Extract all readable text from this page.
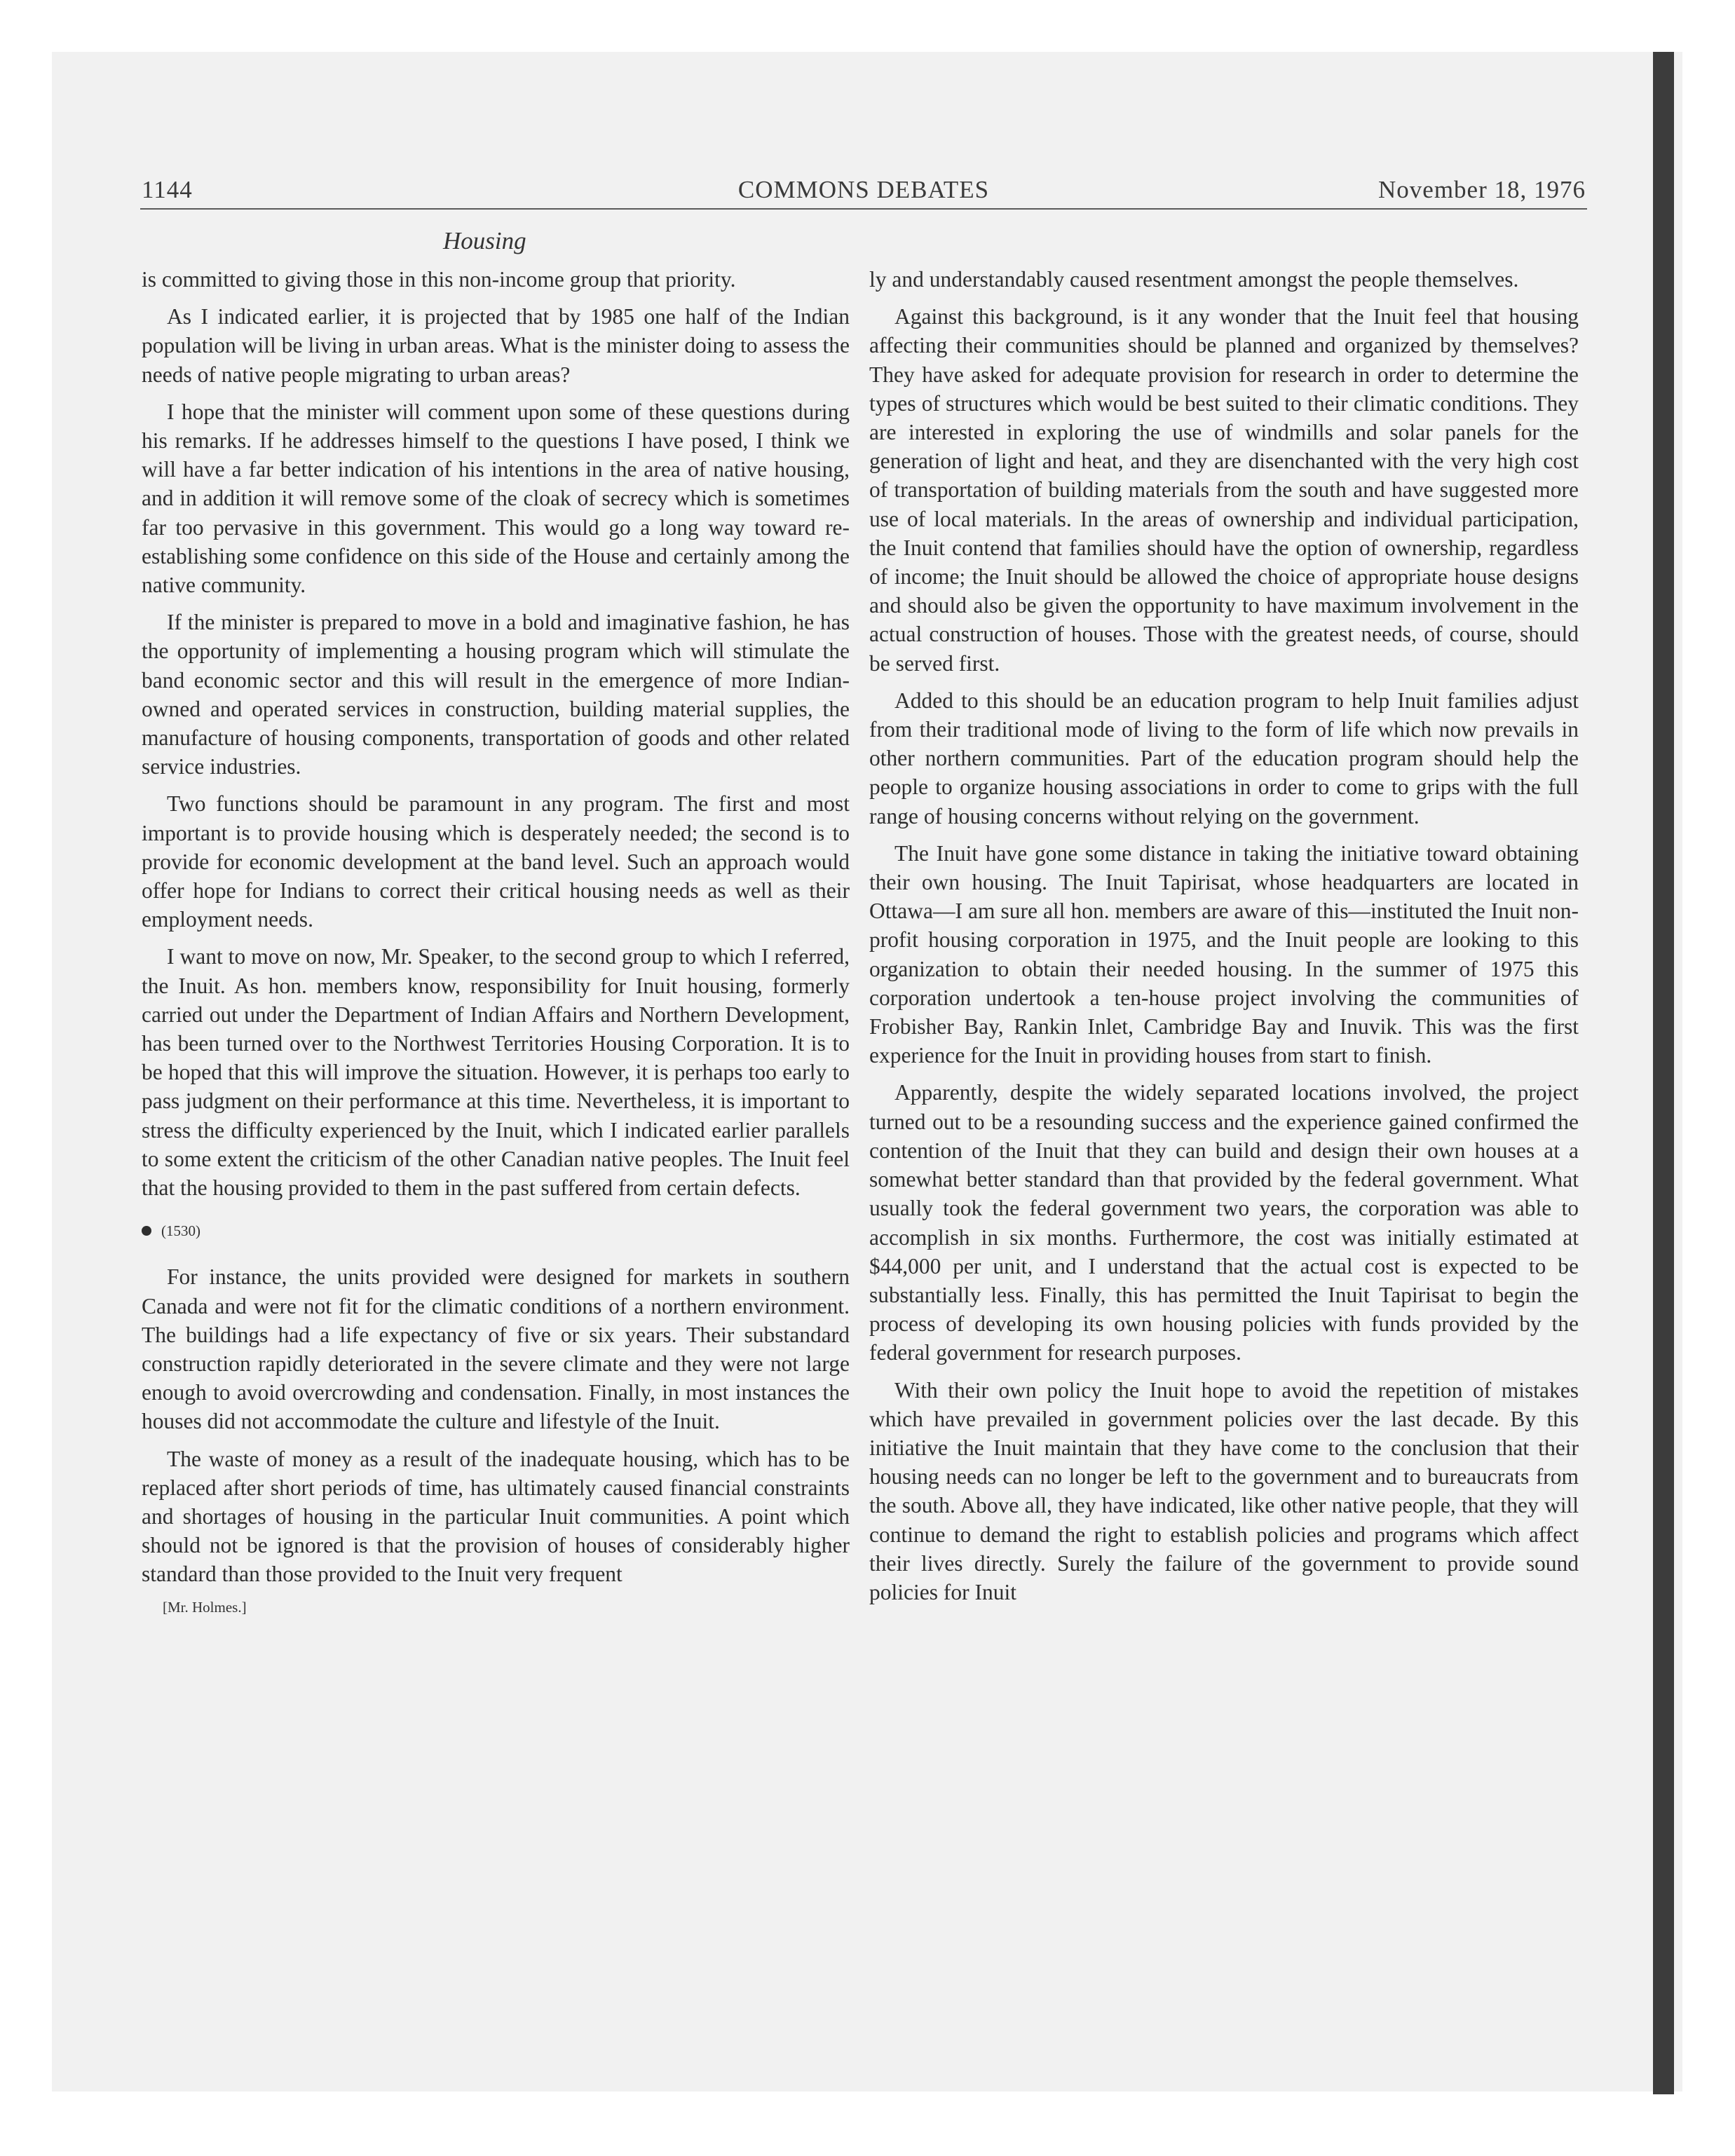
1144	COMMONS DEBATES	November 18, 1976
Housing

is committed to giving those in this non-income group that priority.

As I indicated earlier, it is projected that by 1985 one half of the Indian population will be living in urban areas. What is the minister doing to assess the needs of native people migrating to urban areas?

I hope that the minister will comment upon some of these questions during his remarks. If he addresses himself to the questions I have posed, I think we will have a far better indication of his intentions in the area of native housing, and in addition it will remove some of the cloak of secrecy which is sometimes far too pervasive in this government. This would go a long way toward re-establishing some confidence on this side of the House and certainly among the native community.

If the minister is prepared to move in a bold and imaginative fashion, he has the opportunity of implementing a housing program which will stimulate the band economic sector and this will result in the emergence of more Indian-owned and operated services in construction, building material supplies, the manufacture of housing components, transportation of goods and other related service industries.

Two functions should be paramount in any program. The first and most important is to provide housing which is desperately needed; the second is to provide for economic development at the band level. Such an approach would offer hope for Indians to correct their critical housing needs as well as their employment needs.

I want to move on now, Mr. Speaker, to the second group to which I referred, the Inuit. As hon. members know, responsibility for Inuit housing, formerly carried out under the Department of Indian Affairs and Northern Development, has been turned over to the Northwest Territories Housing Corporation. It is to be hoped that this will improve the situation. However, it is perhaps too early to pass judgment on their performance at this time. Nevertheless, it is important to stress the difficulty experienced by the Inuit, which I indicated earlier parallels to some extent the criticism of the other Canadian native peoples. The Inuit feel that the housing provided to them in the past suffered from certain defects.

(1530)

For instance, the units provided were designed for markets in southern Canada and were not fit for the climatic conditions of a northern environment. The buildings had a life expectancy of five or six years. Their substandard construction rapidly deteriorated in the severe climate and they were not large enough to avoid overcrowding and condensation. Finally, in most instances the houses did not accommodate the culture and lifestyle of the Inuit.

The waste of money as a result of the inadequate housing, which has to be replaced after short periods of time, has ultimately caused financial constraints and shortages of housing in the particular Inuit communities. A point which should not be ignored is that the provision of houses of considerably higher standard than those provided to the Inuit very frequent

[Mr. Holmes.]

ly and understandably caused resentment amongst the people themselves.

Against this background, is it any wonder that the Inuit feel that housing affecting their communities should be planned and organized by themselves? They have asked for adequate provision for research in order to determine the types of structures which would be best suited to their climatic conditions. They are interested in exploring the use of windmills and solar panels for the generation of light and heat, and they are disenchanted with the very high cost of transportation of building materials from the south and have suggested more use of local materials. In the areas of ownership and individual participation, the Inuit contend that families should have the option of ownership, regardless of income; the Inuit should be allowed the choice of appropriate house designs and should also be given the opportunity to have maximum involvement in the actual construction of houses. Those with the greatest needs, of course, should be served first.

Added to this should be an education program to help Inuit families adjust from their traditional mode of living to the form of life which now prevails in other northern communities. Part of the education program should help the people to organize housing associations in order to come to grips with the full range of housing concerns without relying on the government.

The Inuit have gone some distance in taking the initiative toward obtaining their own housing. The Inuit Tapirisat, whose headquarters are located in Ottawa—I am sure all hon. members are aware of this—instituted the Inuit non-profit housing corporation in 1975, and the Inuit people are looking to this organization to obtain their needed housing. In the summer of 1975 this corporation undertook a ten-house project involving the communities of Frobisher Bay, Rankin Inlet, Cambridge Bay and Inuvik. This was the first experience for the Inuit in providing houses from start to finish.

Apparently, despite the widely separated locations involved, the project turned out to be a resounding success and the experience gained confirmed the contention of the Inuit that they can build and design their own houses at a somewhat better standard than that provided by the federal government. What usually took the federal government two years, the corporation was able to accomplish in six months. Furthermore, the cost was initially estimated at $44,000 per unit, and I understand that the actual cost is expected to be substantially less. Finally, this has permitted the Inuit Tapirisat to begin the process of developing its own housing policies with funds provided by the federal government for research purposes.

With their own policy the Inuit hope to avoid the repetition of mistakes which have prevailed in government policies over the last decade. By this initiative the Inuit maintain that they have come to the conclusion that their housing needs can no longer be left to the government and to bureaucrats from the south. Above all, they have indicated, like other native people, that they will continue to demand the right to establish policies and programs which affect their lives directly. Surely the failure of the government to provide sound policies for Inuit
